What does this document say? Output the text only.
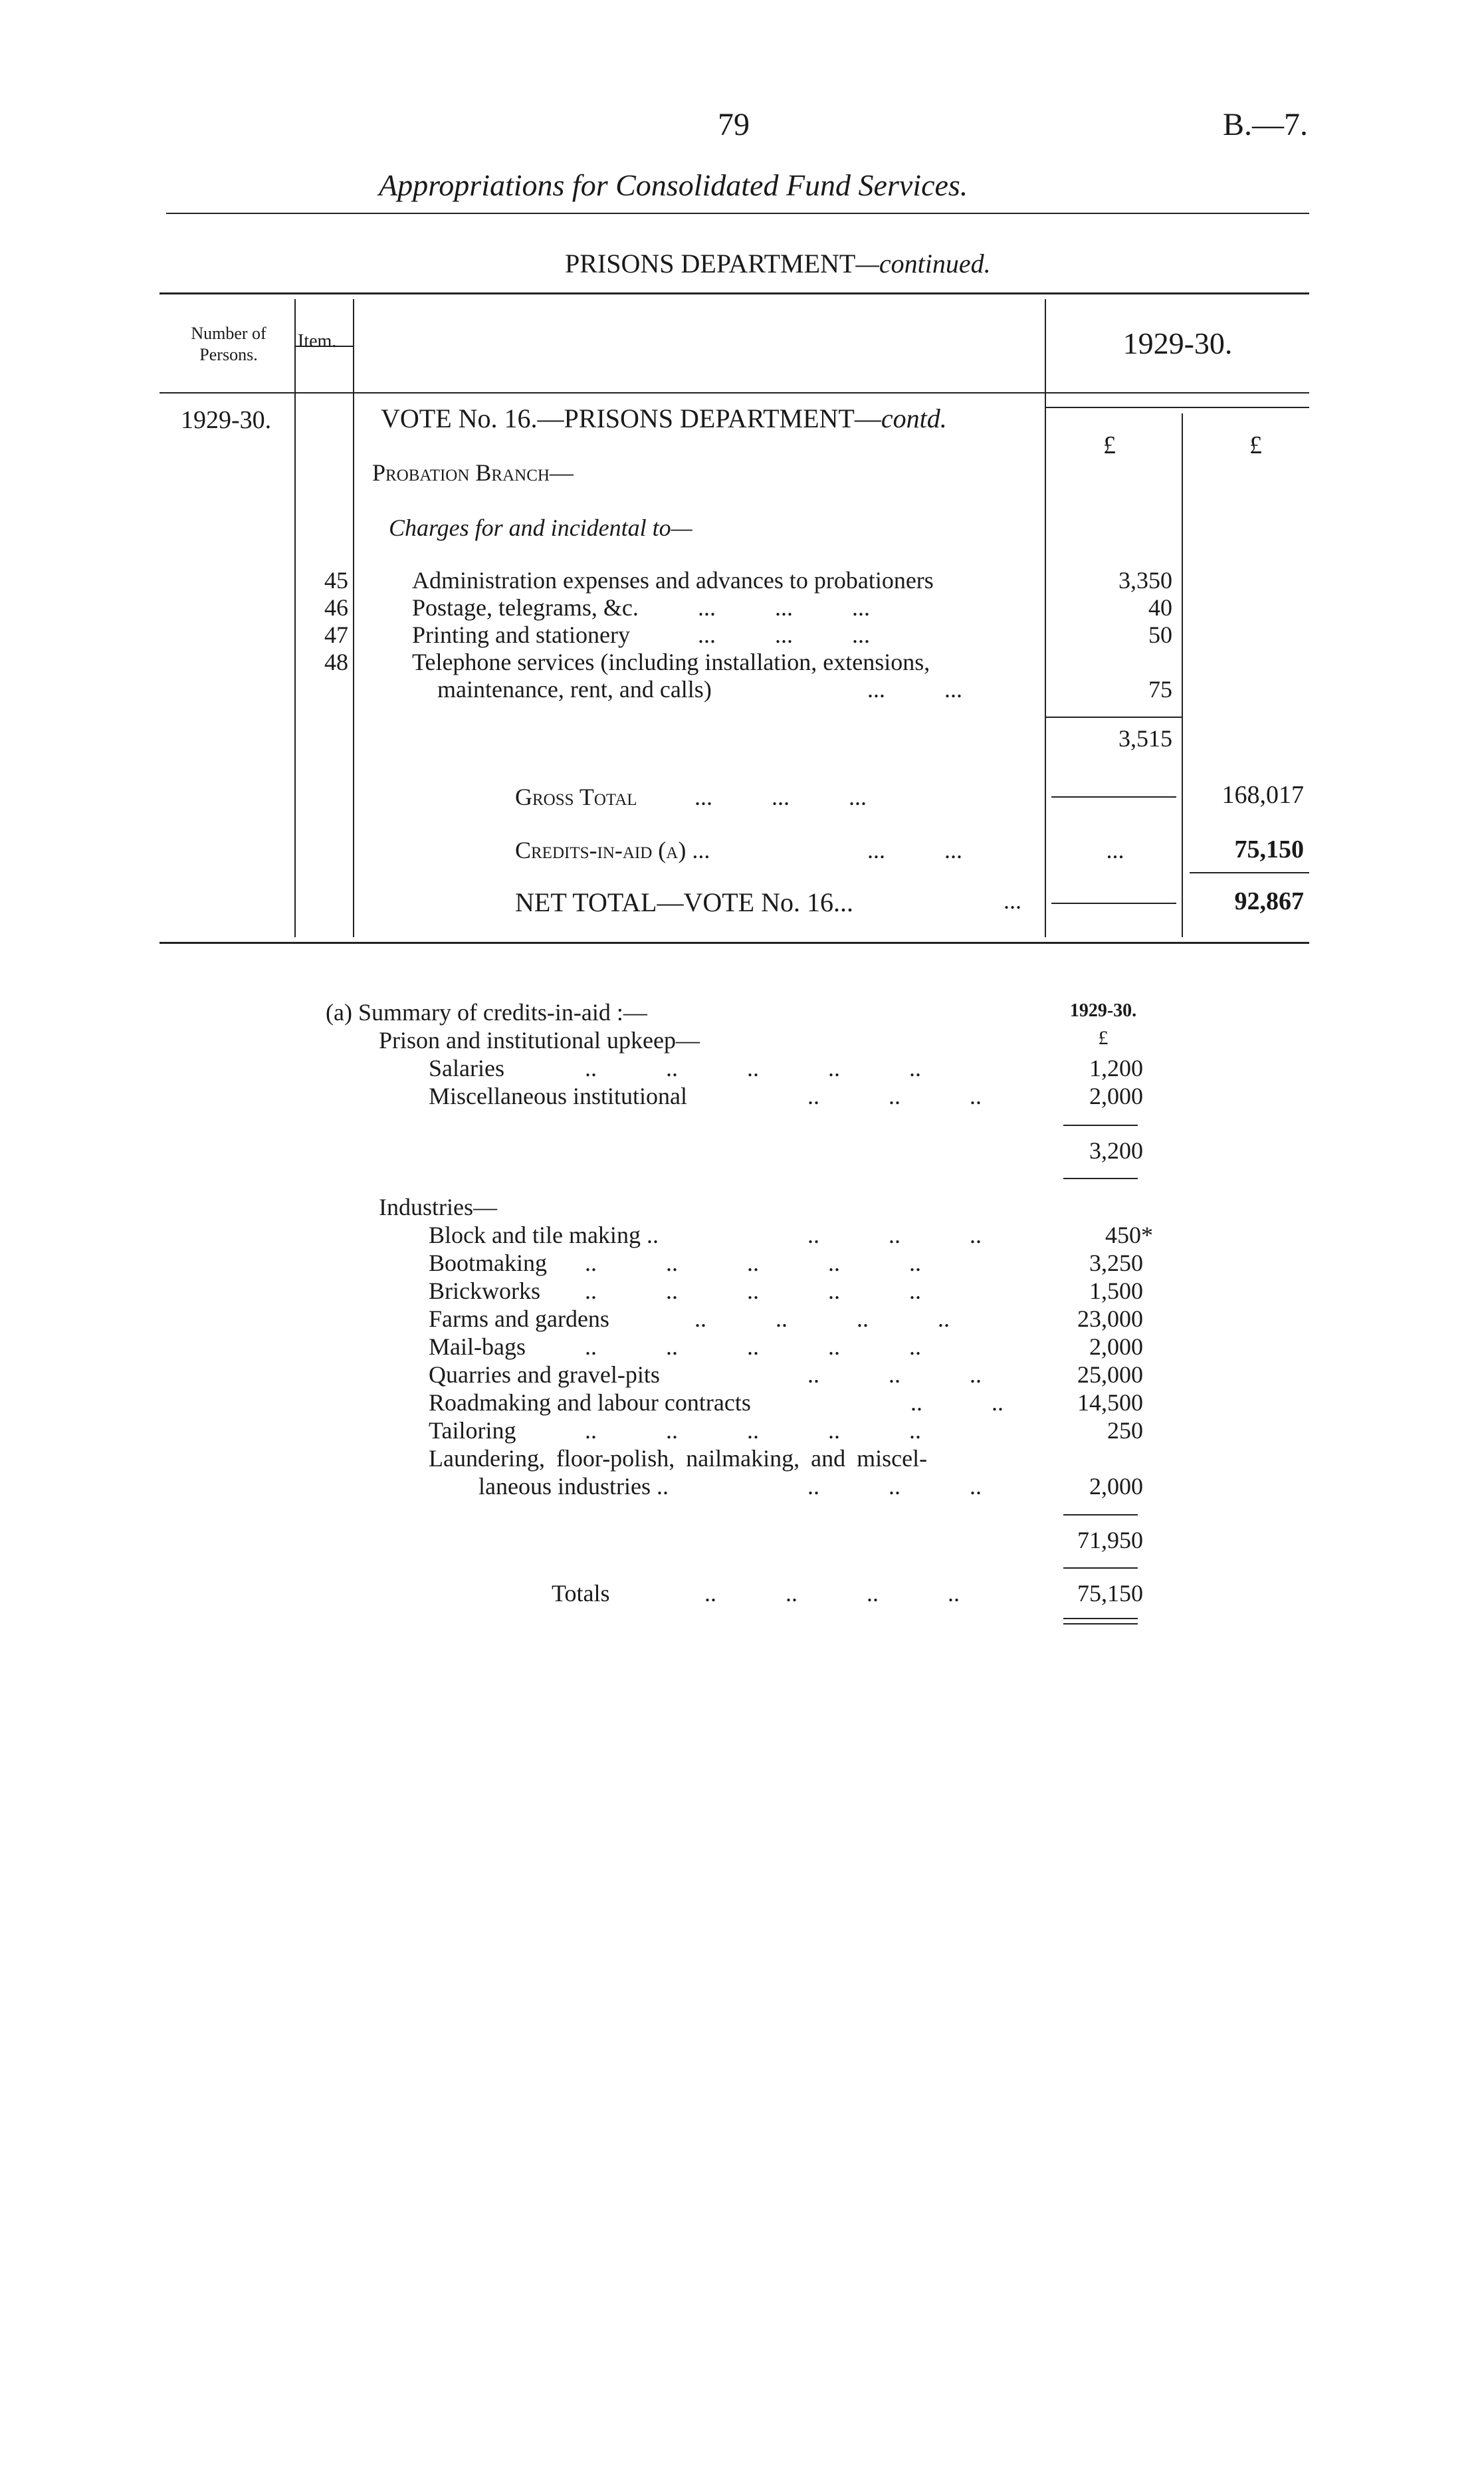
79	B.—7.
Appropriations for Consolidated Fund Services.
PRISONS DEPARTMENT—continued.
Number of Persons.
Item.	1929-30.
1929-30.	VOTE No. 16.—PRISONS DEPARTMENT—contd.
£	£
Probation Branch—
Charges for and incidental to—
45	Administration expenses and advances to probationers	3,350
46	Postage, telegrams, &c. ... ... ...	40
47	Printing and stationery	... ... ...	50
48	Telephone services (including installation, extensions,
maintenance, rent, and calls)	... ...	75
3,515
Gross Total ... ... ...	168,017
Credits-in-aid (a) ...	... ...	...	75,150
NET TOTAL—VOTE No. 16...	...	92,867
(a) Summary of credits-in-aid :—	1929-30.
£
Prison and institutional upkeep—
Salaries	.. .. .. .. ..	1,200
Miscellaneous institutional	.. .. ..	2,000
3,200
Industries—
Block and tile making ..	.. .. ..	450*
Bootmaking .. .. .. .. ..	3,250
Brickworks .. .. .. .. ..	1,500
Farms and gardens	.. .. .. ..	23,000
Mail-bags .. .. .. .. ..	2,000
Quarries and gravel-pits	.. .. ..	25,000
Roadmaking and labour contracts	.. ..	14,500
Tailoring	.. .. .. .. ..	250
Laundering, floor-polish, nailmaking, and miscel-
laneous industries ..	.. .. ..	2,000
71,950
Totals	.. .. .. ..	75,150
